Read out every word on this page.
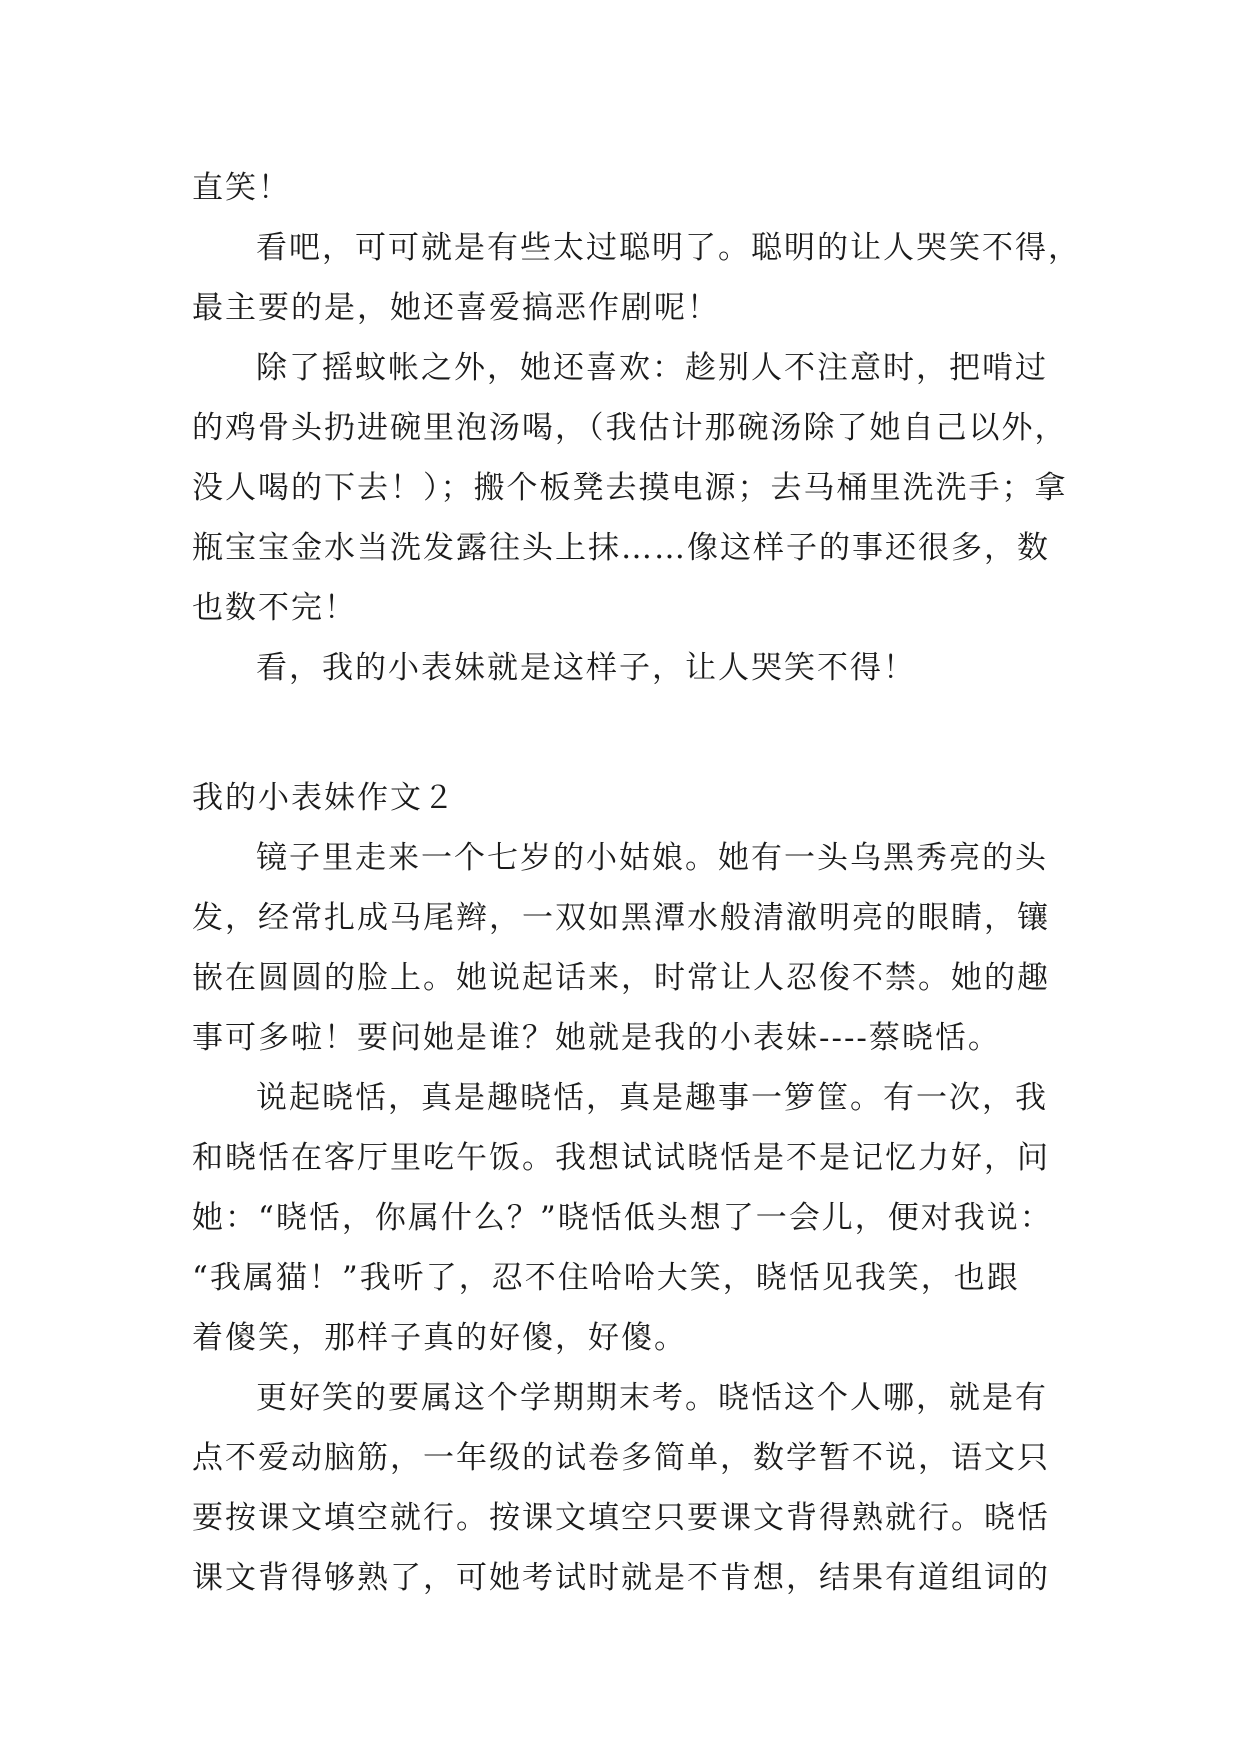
直笑！
看吧，可可就是有些太过聪明了。聪明的让人哭笑不得，
最主要的是，她还喜爱搞恶作剧呢！
除了摇蚊帐之外，她还喜欢：趁别人不注意时，把啃过
的鸡骨头扔进碗里泡汤喝，（我估计那碗汤除了她自己以外，
没人喝的下去！）；搬个板凳去摸电源；去马桶里洗洗手；拿
瓶宝宝金水当洗发露往头上抹……像这样子的事还很多，数
也数不完！
看，我的小表妹就是这样子，让人哭笑不得！
我的小表妹作文２
镜子里走来一个七岁的小姑娘。她有一头乌黑秀亮的头
发，经常扎成马尾辫，一双如黑潭水般清澈明亮的眼睛，镶
嵌在圆圆的脸上。她说起话来，时常让人忍俊不禁。她的趣
事可多啦！要问她是谁？她就是我的小表妹----蔡晓恬。
说起晓恬，真是趣晓恬，真是趣事一箩筐。有一次，我
和晓恬在客厅里吃午饭。我想试试晓恬是不是记忆力好，问
她：“晓恬，你属什么？”晓恬低头想了一会儿，便对我说：
“我属猫！”我听了，忍不住哈哈大笑，晓恬见我笑，也跟
着傻笑，那样子真的好傻，好傻。
更好笑的要属这个学期期末考。晓恬这个人哪，就是有
点不爱动脑筋，一年级的试卷多简单，数学暂不说，语文只
要按课文填空就行。按课文填空只要课文背得熟就行。晓恬
课文背得够熟了，可她考试时就是不肯想，结果有道组词的
